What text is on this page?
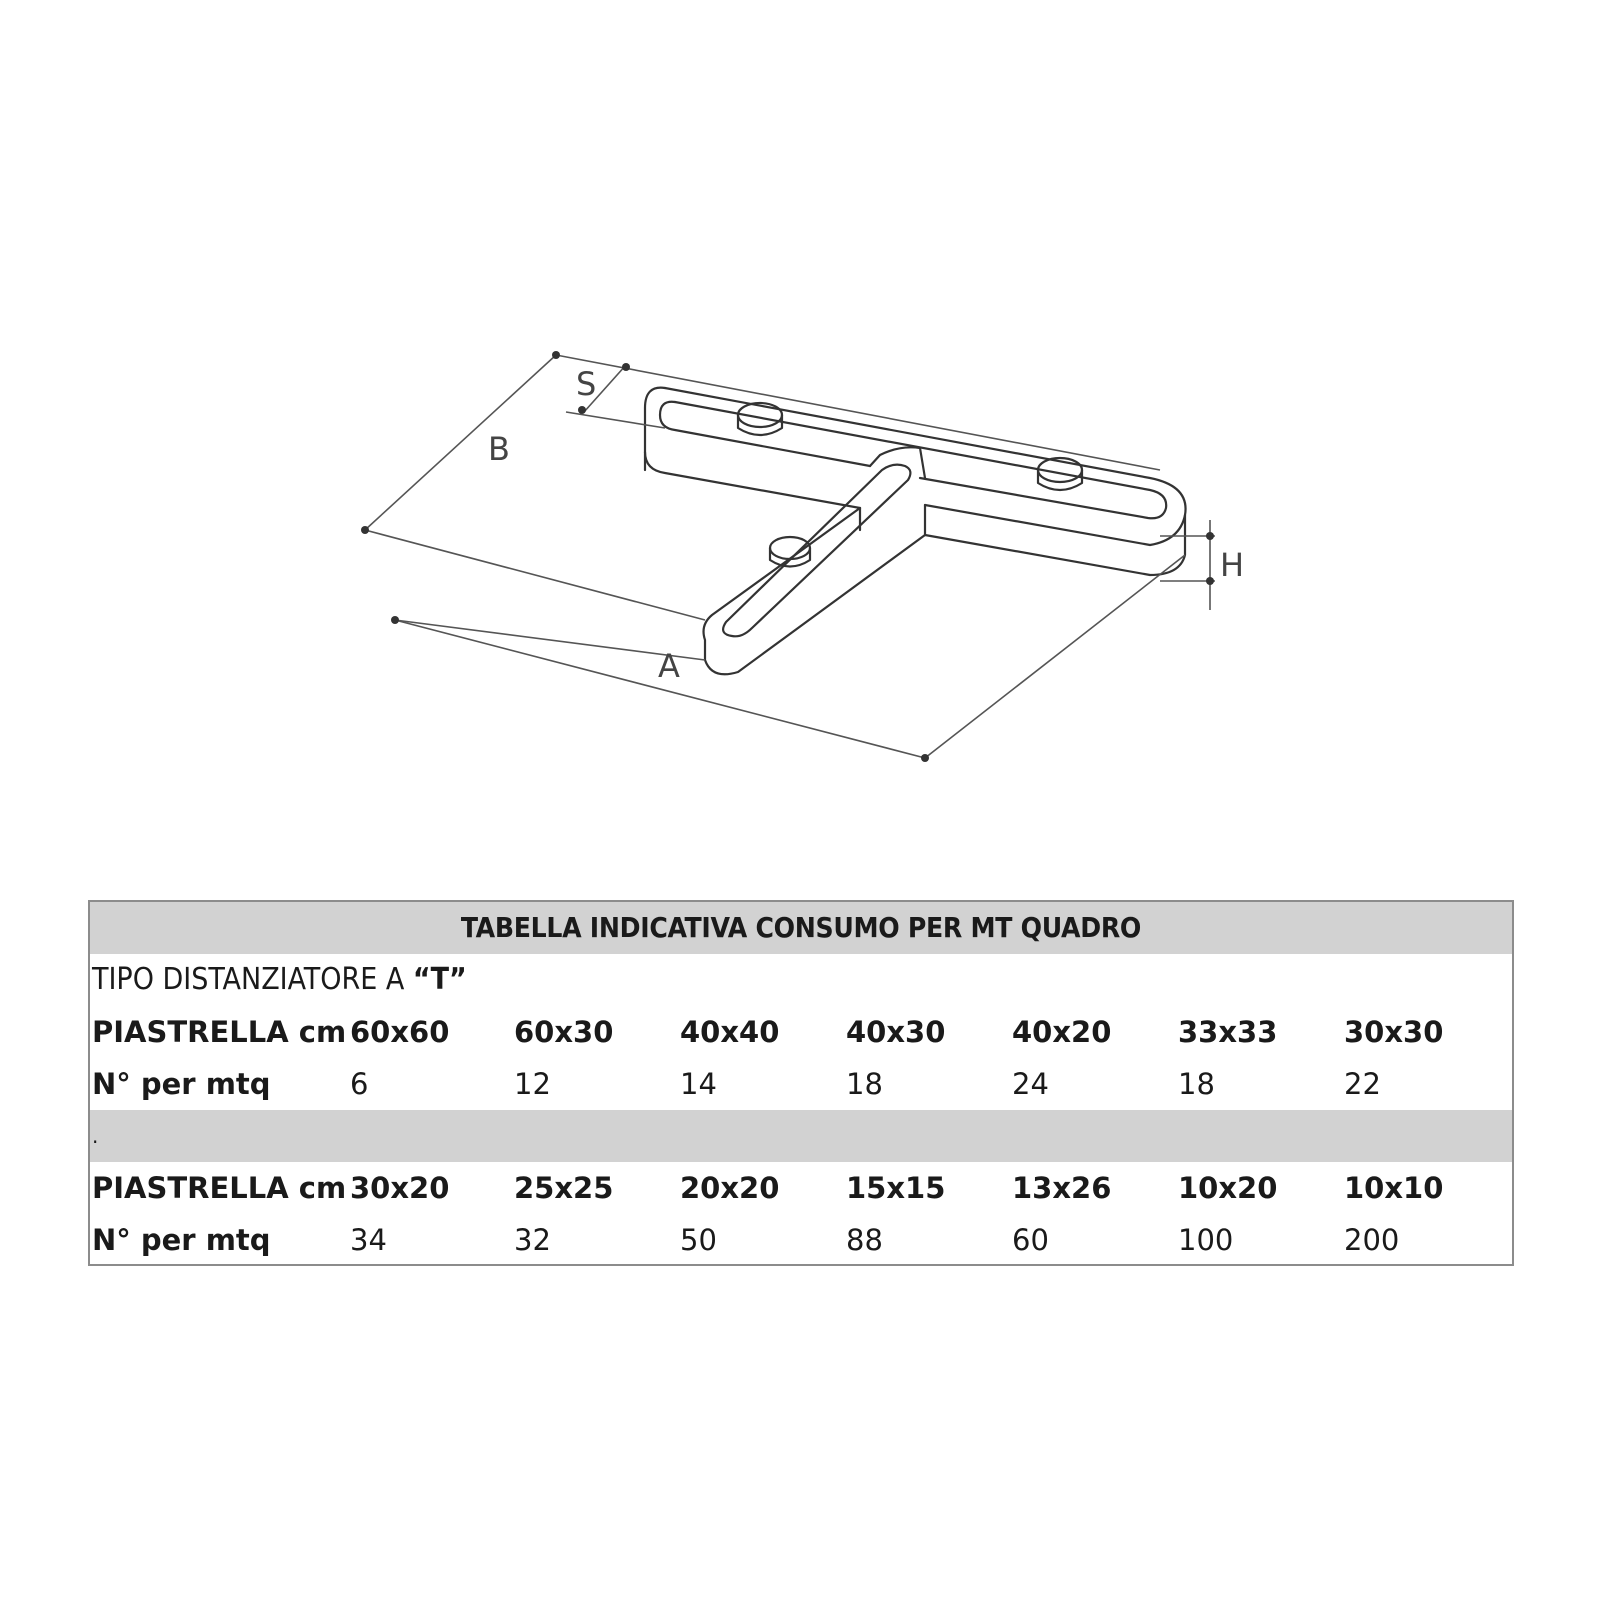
S
B
H
A
TABELLA INDICATIVA CONSUMO PER MT QUADRO
TIPO DISTANZIATORE A “T”
PIASTRELLA cm 60x60 60x30 40x40 40x30 40x20 33x33 30x30
N° per mtq	6	12	14	18	24	18	22
.
PIASTRELLA cm 30x20 25x25 20x20 15x15 13x26 10x20 10x10
N° per mtq	34	32	50	88	60	100	200
